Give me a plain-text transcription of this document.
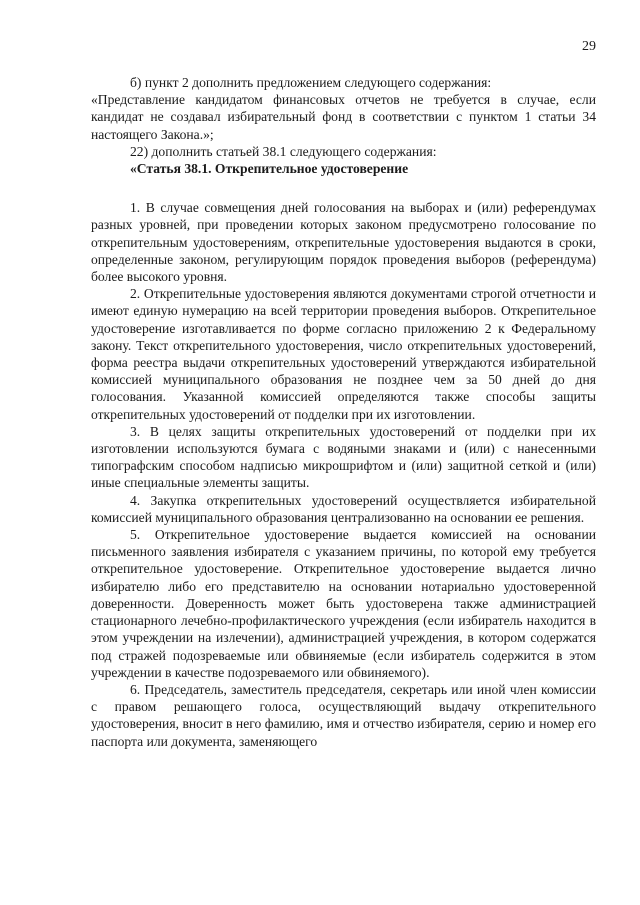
29

б) пункт 2 дополнить предложением следующего содержания:

«Представление кандидатом финансовых отчетов не требуется в случае, если кандидат не создавал избирательный фонд в соответствии с пунктом 1 статьи 34 настоящего Закона.»;

22) дополнить статьей 38.1 следующего содержания:

«Статья 38.1. Открепительное удостоверение

1. В случае совмещения дней голосования на выборах и (или) референдумах разных уровней, при проведении которых законом предусмотрено голосование по открепительным удостоверениям, открепительные удостоверения выдаются в сроки, определенные законом, регулирующим порядок проведения выборов (референдума) более высокого уровня.

2. Открепительные удостоверения являются документами строгой отчетности и имеют единую нумерацию на всей территории проведения выборов. Открепительное удостоверение изготавливается по форме согласно приложению 2 к Федеральному закону. Текст открепительного удостоверения, число открепительных удостоверений, форма реестра выдачи открепительных удостоверений утверждаются избирательной комиссией муниципального образования не позднее чем за 50 дней до дня голосования. Указанной комиссией определяются также способы защиты открепительных удостоверений от подделки при их изготовлении.

3. В целях защиты открепительных удостоверений от подделки при их изготовлении используются бумага с водяными знаками и (или) с нанесенными типографским способом надписью микрошрифтом и (или) защитной сеткой и (или) иные специальные элементы защиты.

4. Закупка открепительных удостоверений осуществляется избирательной комиссией муниципального образования централизованно на основании ее решения.

5. Открепительное удостоверение выдается комиссией на основании письменного заявления избирателя с указанием причины, по которой ему требуется открепительное удостоверение. Открепительное удостоверение выдается лично избирателю либо его представителю на основании нотариально удостоверенной доверенности. Доверенность может быть удостоверена также администрацией стационарного лечебно-профилактического учреждения (если избиратель находится в этом учреждении на излечении), администрацией учреждения, в котором содержатся под стражей подозреваемые или обвиняемые (если избиратель содержится в этом учреждении в качестве подозреваемого или обвиняемого).

6. Председатель, заместитель председателя, секретарь или иной член комиссии с правом решающего голоса, осуществляющий выдачу открепительного удостоверения, вносит в него фамилию, имя и отчество избирателя, серию и номер его паспорта или документа, заменяющего
